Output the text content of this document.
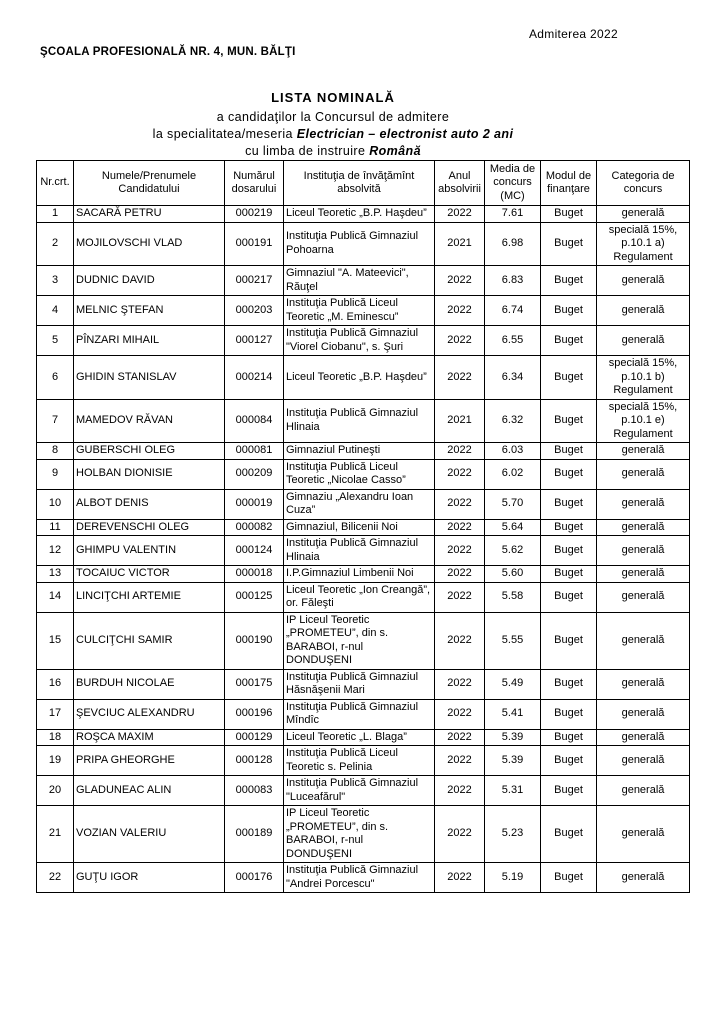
Admiterea 2022
ŞCOALA PROFESIONALĂ NR. 4, MUN. BĂLŢI
LISTA NOMINALĂ
a candidaţilor la Concursul de admitere
la specialitatea/meseria Electrician – electronist auto 2 ani
cu limba de instruire Română
Nr.crt.	Numele/Prenumele Candidatului	Numărul dosarului	Instituţia de învăţămînt absolvită	Anul absolvirii	Media de concurs (MC)	Modul de finanţare	Categoria de concurs
1	SACARĂ PETRU	000219	Liceul Teoretic „B.P. Haşdeu”	2022	7.61	Buget	generală
2	MOJILOVSCHI VLAD	000191	Instituţia Publică Gimnaziul Pohoarna	2021	6.98	Buget	specială 15%, p.10.1 a) Regulament
3	DUDNIC DAVID	000217	Gimnaziul "A. Mateevici", Răuţel	2022	6.83	Buget	generală
4	MELNIC ŞTEFAN	000203	Instituţia Publică Liceul Teoretic „M. Eminescu”	2022	6.74	Buget	generală
5	PÎNZARI MIHAIL	000127	Instituţia Publică Gimnaziul "Viorel Ciobanu", s. Şuri	2022	6.55	Buget	generală
6	GHIDIN STANISLAV	000214	Liceul Teoretic „B.P. Haşdeu”	2022	6.34	Buget	specială 15%, p.10.1 b) Regulament
7	MAMEDOV RĂVAN	000084	Instituţia Publică Gimnaziul Hlinaia	2021	6.32	Buget	specială 15%, p.10.1 e) Regulament
8	GUBERSCHI OLEG	000081	Gimnaziul Putineşti	2022	6.03	Buget	generală
9	HOLBAN DIONISIE	000209	Instituţia Publică Liceul Teoretic „Nicolae Casso”	2022	6.02	Buget	generală
10	ALBOT DENIS	000019	Gimnaziu „Alexandru Ioan Cuza”	2022	5.70	Buget	generală
11	DEREVENSCHI OLEG	000082	Gimnaziul, Bilicenii Noi	2022	5.64	Buget	generală
12	GHIMPU VALENTIN	000124	Instituţia Publică Gimnaziul Hlinaia	2022	5.62	Buget	generală
13	TOCAIUC VICTOR	000018	I.P.Gimnaziul Limbenii Noi	2022	5.60	Buget	generală
14	LINCIŢCHI ARTEMIE	000125	Liceul Teoretic „Ion Creangă”, or. Făleşti	2022	5.58	Buget	generală
15	CULCIŢCHI SAMIR	000190	IP Liceul Teoretic „PROMETEU”, din s. BARABOI, r-nul DONDUŞENI	2022	5.55	Buget	generală
16	BURDUH NICOLAE	000175	Instituţia Publică Gimnaziul Hăsnăşenii Mari	2022	5.49	Buget	generală
17	ŞEVCIUC ALEXANDRU	000196	Instituţia Publică Gimnaziul Mîndîc	2022	5.41	Buget	generală
18	ROŞCA MAXIM	000129	Liceul Teoretic „L. Blaga”	2022	5.39	Buget	generală
19	PRIPA GHEORGHE	000128	Instituţia Publică Liceul Teoretic s. Pelinia	2022	5.39	Buget	generală
20	GLADUNEAC ALIN	000083	Instituţia Publică Gimnaziul "Luceafărul"	2022	5.31	Buget	generală
21	VOZIAN VALERIU	000189	IP Liceul Teoretic „PROMETEU”, din s. BARABOI, r-nul DONDUŞENI	2022	5.23	Buget	generală
22	GUŢU IGOR	000176	Instituţia Publică Gimnaziul "Andrei Porcescu"	2022	5.19	Buget	generală
